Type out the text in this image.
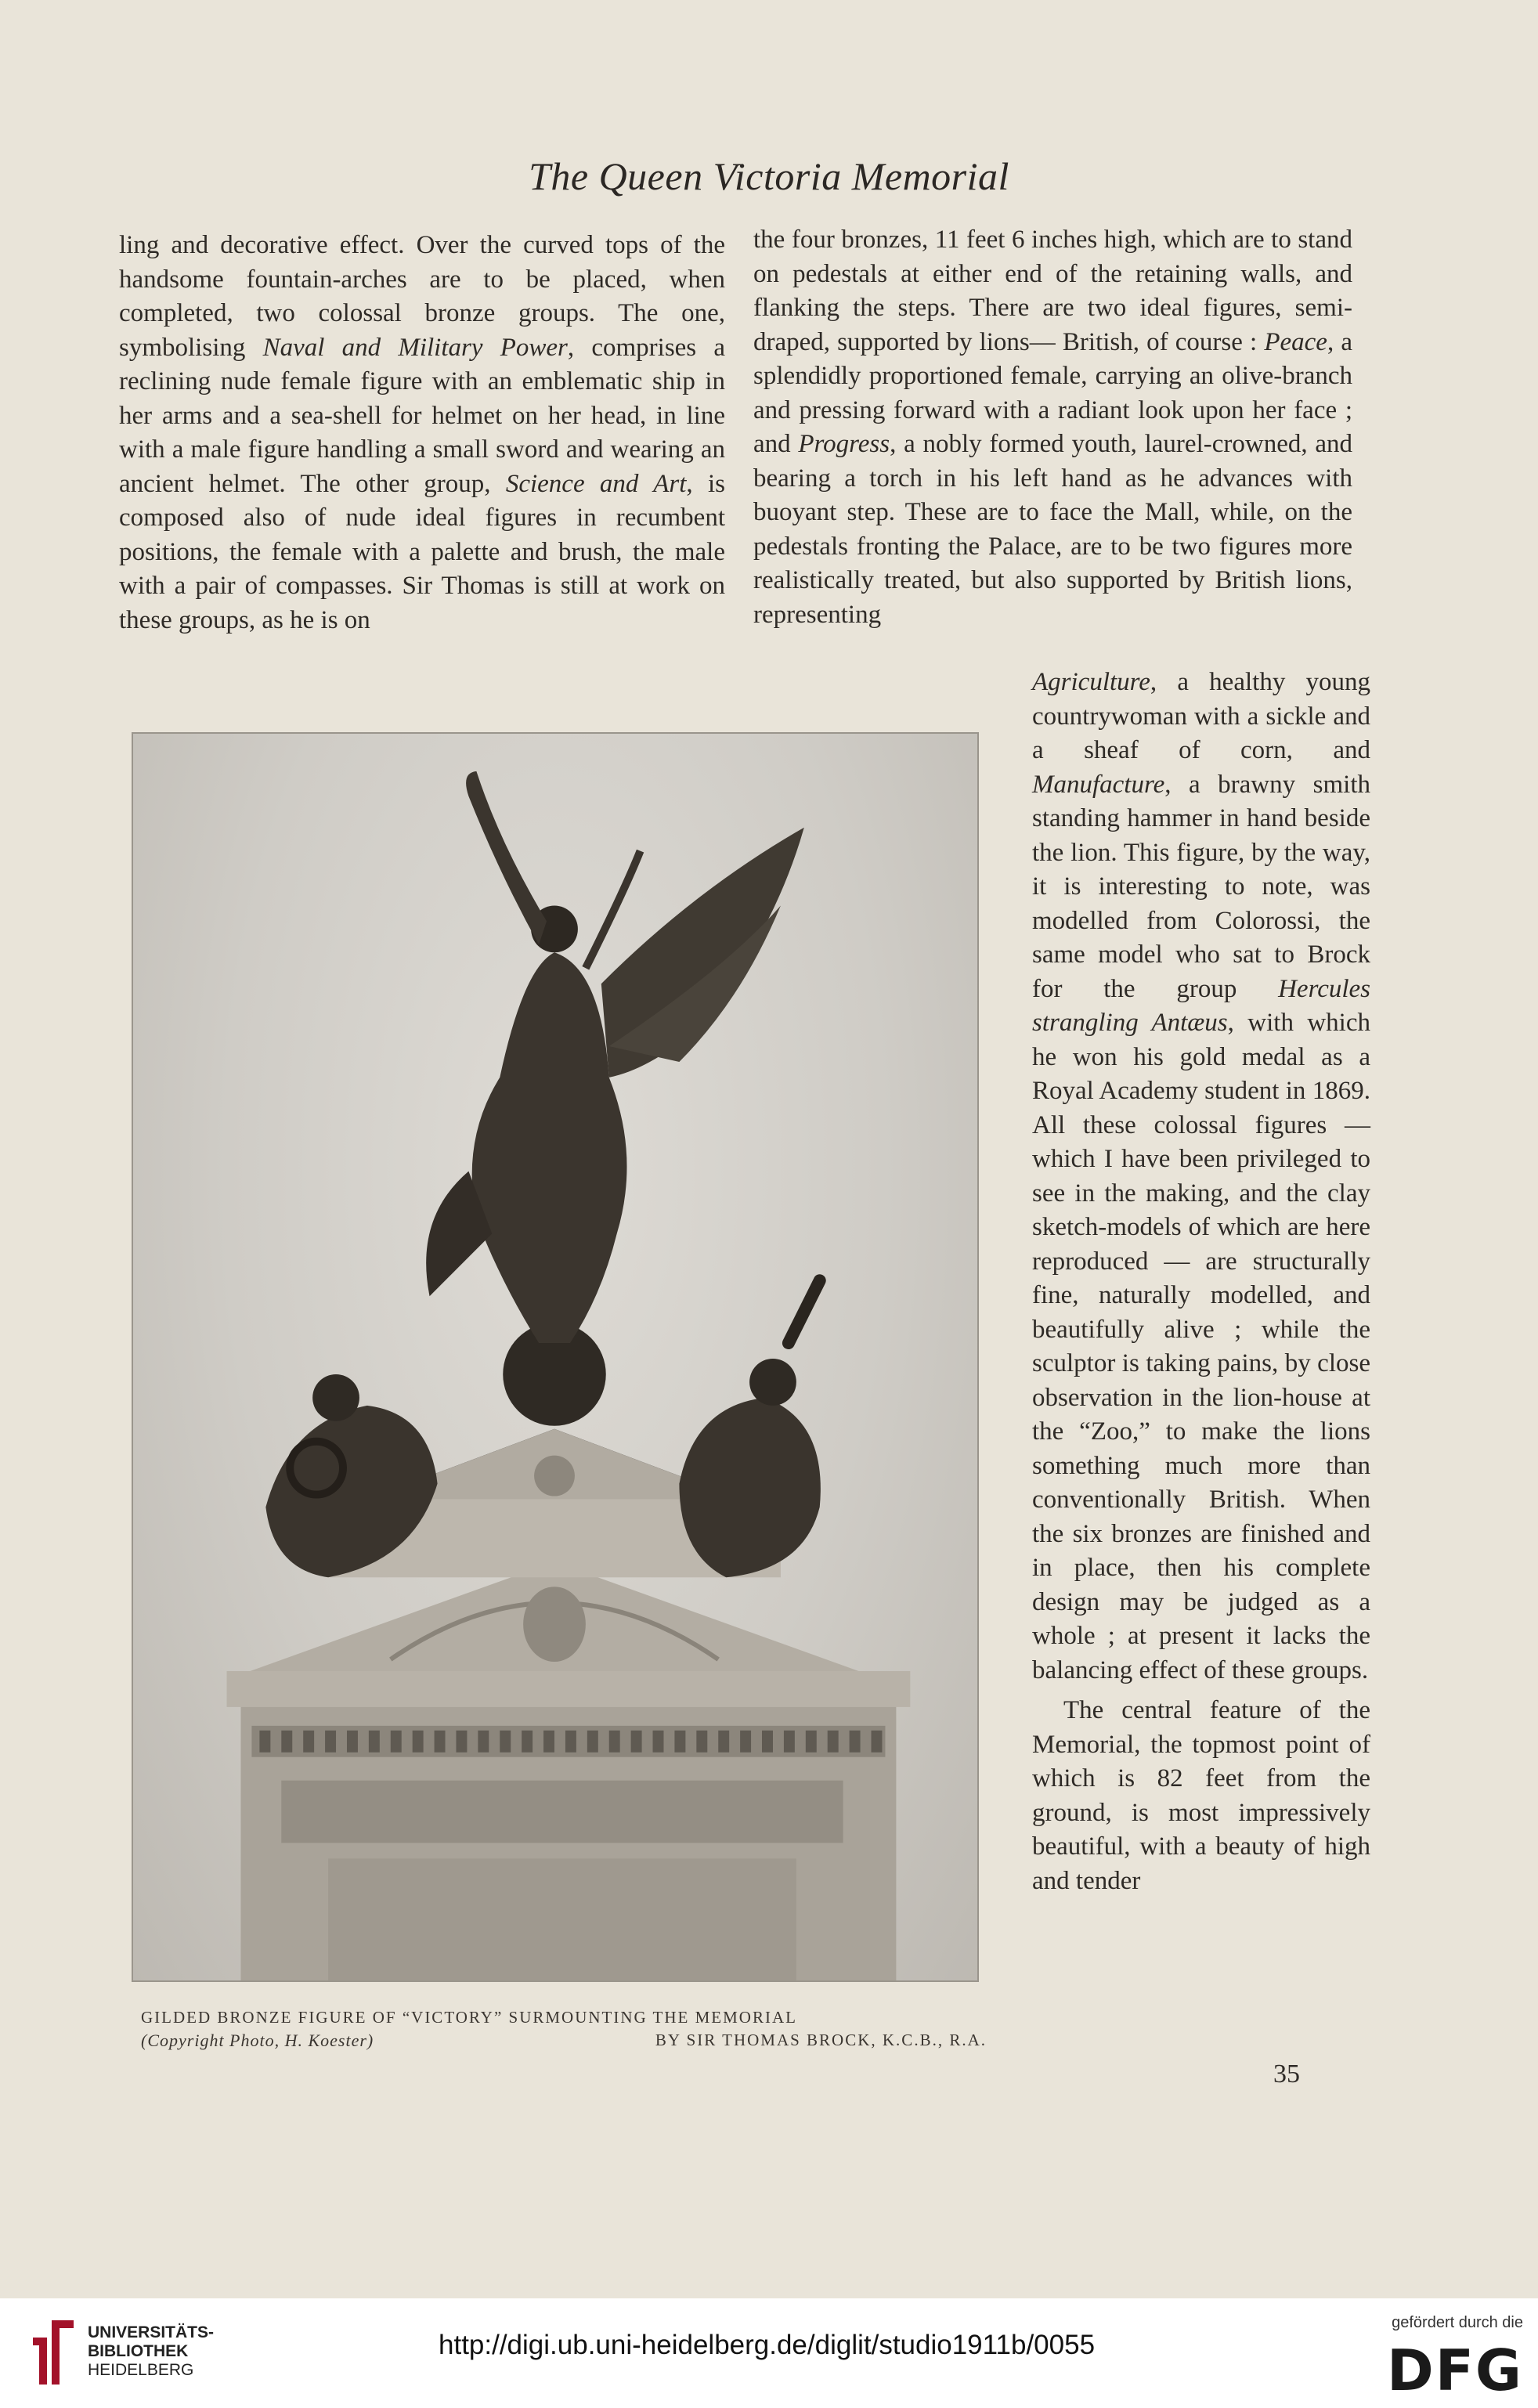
The Queen Victoria Memorial

ling and decorative effect. Over the curved tops of the handsome fountain-arches are to be placed, when completed, two colossal bronze groups. The one, symbolising Naval and Military Power, comprises a reclining nude female figure with an emblematic ship in her arms and a sea-shell for helmet on her head, in line with a male figure handling a small sword and wearing an ancient helmet. The other group, Science and Art, is composed also of nude ideal figures in recumbent positions, the female with a palette and brush, the male with a pair of compasses. Sir Thomas is still at work on these groups, as he is on

the four bronzes, 11 feet 6 inches high, which are to stand on pedestals at either end of the retaining walls, and flanking the steps. There are two ideal figures, semi-draped, supported by lions— British, of course : Peace, a splendidly proportioned female, carrying an olive-branch and pressing forward with a radiant look upon her face ; and Progress, a nobly formed youth, laurel-crowned, and bearing a torch in his left hand as he advances with buoyant step. These are to face the Mall, while, on the pedestals fronting the Palace, are to be two figures more realistically treated, but also supported by British lions, representing

Agriculture, a healthy young countrywoman with a sickle and a sheaf of corn, and Manufacture, a brawny smith standing hammer in hand beside the lion. This figure, by the way, it is interesting to note, was modelled from Colorossi, the same model who sat to Brock for the group Hercules strangling Antæus, with which he won his gold medal as a Royal Academy student in 1869. All these colossal figures — which I have been privileged to see in the making, and the clay sketch-models of which are here reproduced — are structurally fine, naturally modelled, and beautifully alive ; while the sculptor is taking pains, by close observation in the lion-house at the “Zoo,” to make the lions something much more than conventionally British. When the six bronzes are finished and in place, then his complete design may be judged as a whole ; at present it lacks the balancing effect of these groups.

The central feature of the Memorial, the topmost point of which is 82 feet from the ground, is most impressively beautiful, with a beauty of high and tender

GILDED BRONZE FIGURE OF “VICTORY” SURMOUNTING THE MEMORIAL
(Copyright Photo, H. Koester)	BY SIR THOMAS BROCK, K.C.B., R.A.
35
UNIVERSITÄTS-
BIBLIOTHEK
HEIDELBERG
http://digi.ub.uni-heidelberg.de/diglit/studio1911b/0055
gefördert durch die
DFG
